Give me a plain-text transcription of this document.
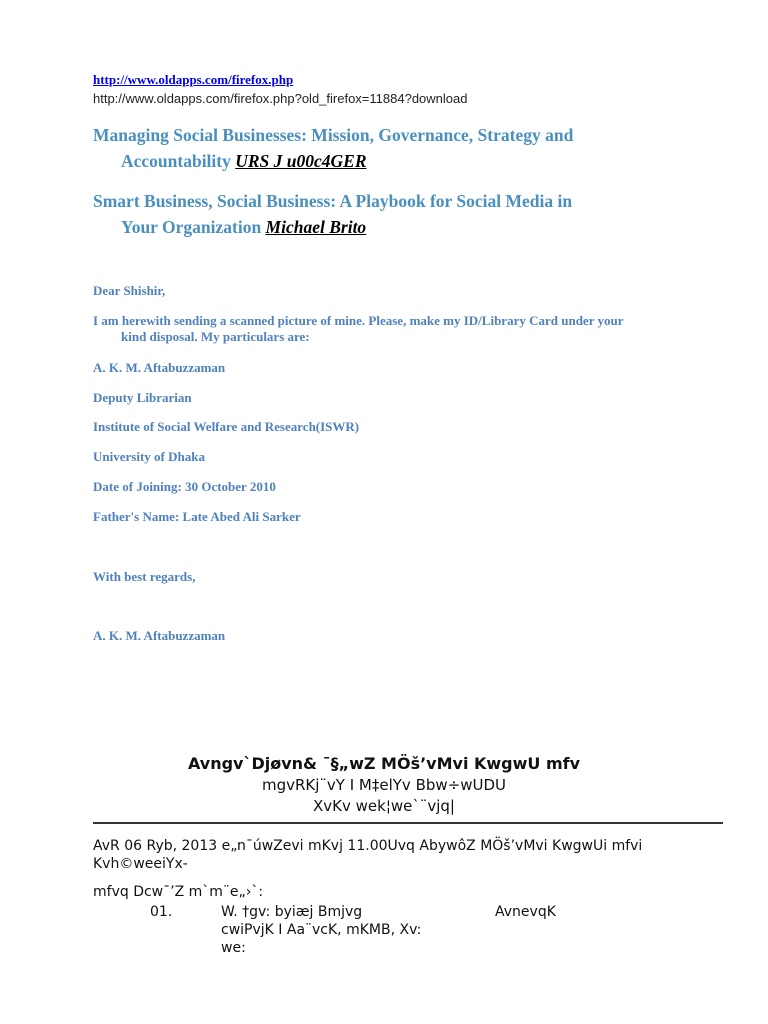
http://www.oldapps.com/firefox.php
http://www.oldapps.com/firefox.php?old_firefox=11884?download
Managing Social Businesses: Mission, Governance, Strategy and
Accountability URS J u00c4GER
Smart Business, Social Business: A Playbook for Social Media in
Your Organization Michael Brito
Dear Shishir,
I am herewith sending a scanned picture of mine. Please, make my ID/Library Card under your
kind disposal. My particulars are:
A. K. M. Aftabuzzaman
Deputy Librarian
Institute of Social Welfare and Research(ISWR)
University of Dhaka
Date of Joining: 30 October 2010
Father's Name: Late Abed Ali Sarker
With best regards,
A. K. M. Aftabuzzaman
Avngv`Djøvn& ¯§„wZ MÖš’vMvi KwgwU mfv
mgvRKj¨vY I M‡elYv Bbw÷wUDU
XvKv wek¦we`¨vjq|
AvR 06 Ryb, 2013 e„n¯úwZevi mKvj 11.00Uvq AbywôZ MÖš’vMvi KwgwUi mfvi Kvh©weeiYx-
mfvq Dcw¯’Z m`m¨e„›`:
01.	W. †gv: byiæj Bmjvg	AvnevqK
cwiPvjK I Aa¨vcK, mKMB, Xv:
we:
